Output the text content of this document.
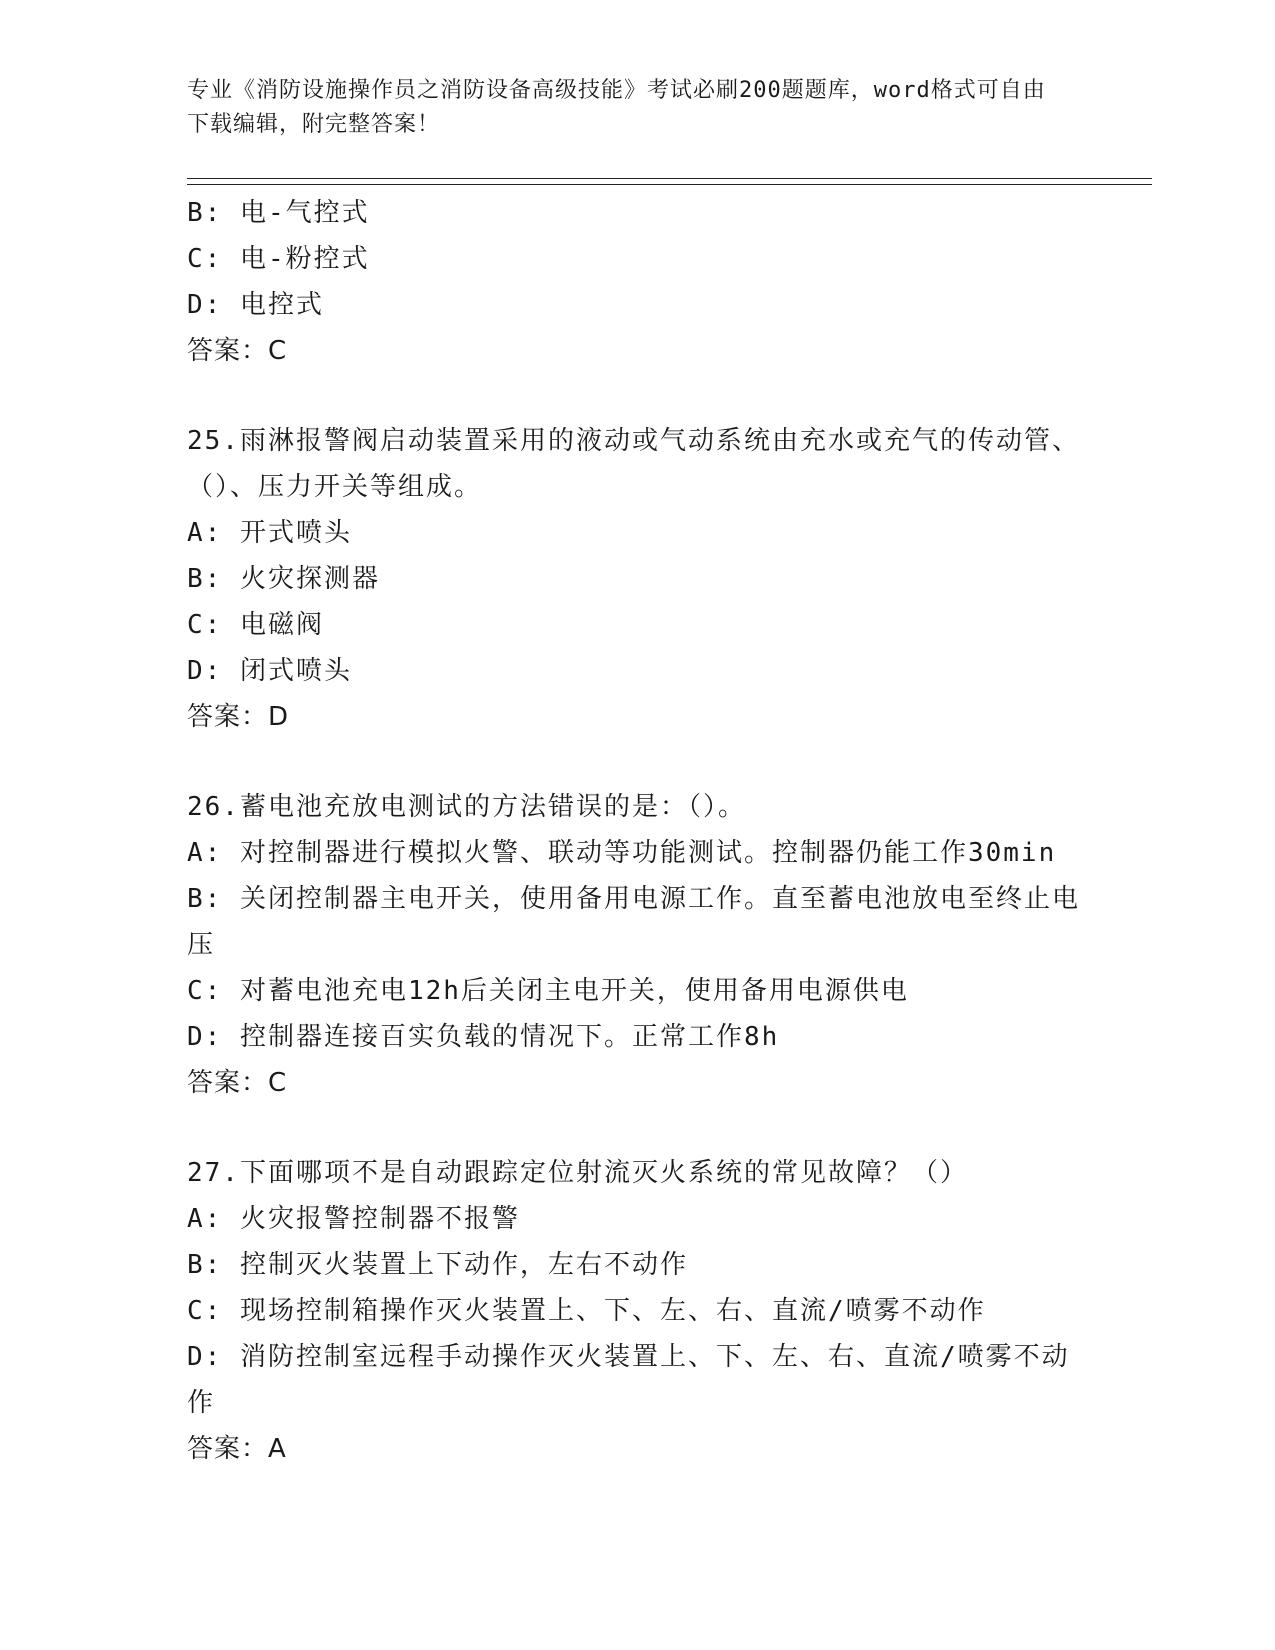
专业《消防设施操作员之消防设备高级技能》考试必刷200题题库，word格式可自由下载编辑，附完整答案！
B: 电-气控式
C: 电-粉控式
D: 电控式
答案：C
25.雨淋报警阀启动装置采用的液动或气动系统由充水或充气的传动管、（）、压力开关等组成。
A: 开式喷头
B: 火灾探测器
C: 电磁阀
D: 闭式喷头
答案：D
26.蓄电池充放电测试的方法错误的是：（）。
A: 对控制器进行模拟火警、联动等功能测试。控制器仍能工作30min
B: 关闭控制器主电开关，使用备用电源工作。直至蓄电池放电至终止电压
C: 对蓄电池充电12h后关闭主电开关，使用备用电源供电
D: 控制器连接百实负载的情况下。正常工作8h
答案：C
27.下面哪项不是自动跟踪定位射流灭火系统的常见故障？（）
A: 火灾报警控制器不报警
B: 控制灭火装置上下动作，左右不动作
C: 现场控制箱操作灭火装置上、下、左、右、直流/喷雾不动作
D: 消防控制室远程手动操作灭火装置上、下、左、右、直流/喷雾不动作
答案：A
